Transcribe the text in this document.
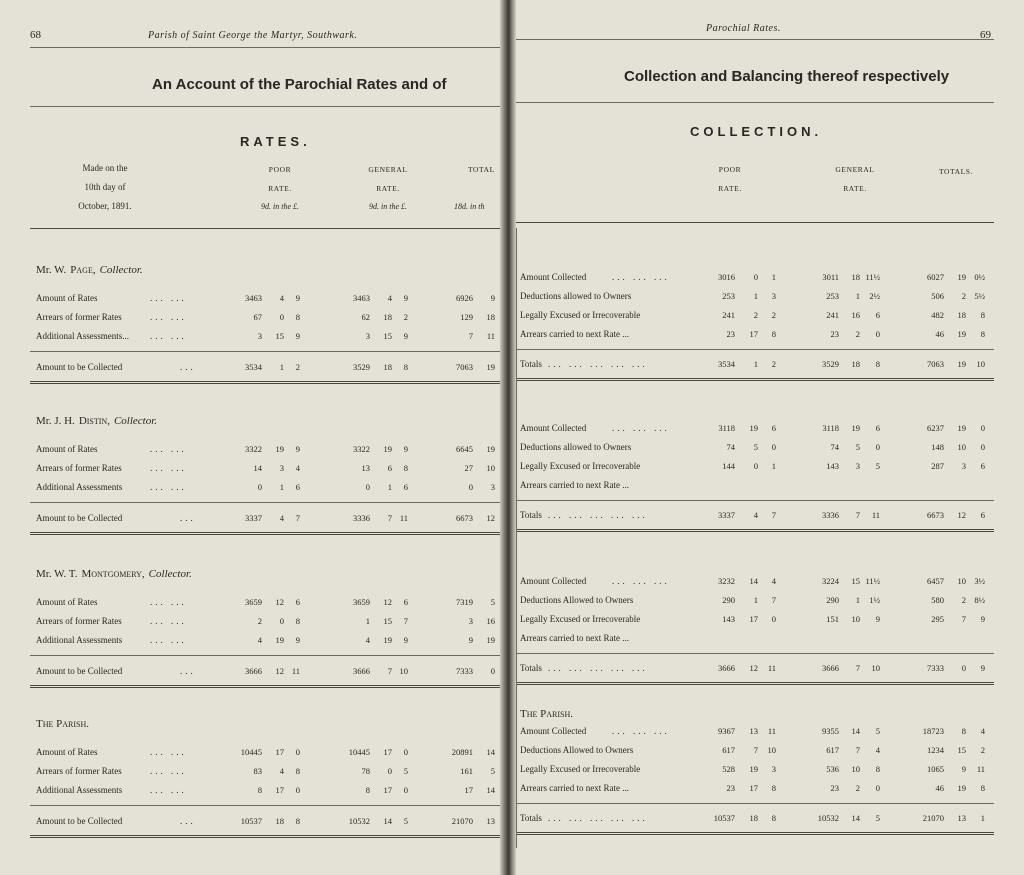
68	Parish of Saint George the Martyr, Southwark.
Parochial Rates.
69
An Account of the Parochial Rates and of	Collection and Balancing thereof respectively
RATES.
COLLECTION.
Made on the
10th day of
October, 1891.
POOR
RATE.
9d. in the £.
GENERAL
RATE.
9d. in the £.
TOTAL
18d. in th
POOR
RATE.
GENERAL
RATE.
TOTALS.
Mr. W. Page, Collector.
Amount of Rates	... ...	3463	4	9	3463	4	9	6926	9
Arrears of former Rates	... ...	67	0	8	62	18	2	129	18
Additional Assessments... ... ...	3	15	9	3	15	9	7	11
Amount to be Collected	...	3534	1	2	3529	18	8	7063	19
Amount Collected	... ... ...	3016	0	1	3011	18 11½	6027	19 0½
Deductions allowed to Owners	253	1	3	253	1	2½	506	2 5½
Legally Excused or Irrecoverable	241	2	2	241	16	6	482	18	8
Arrears carried to next Rate ...	23	17	8	23	2	0	46	19	8
Totals ... ... ... ... ...	3534	1	2	3529	18	8	7063	19	10
Mr. J. H. Distin, Collector.
Amount of Rates	... ...	3322	19	9	3322	19	9	6645	19
Arrears of former Rates	... ...	14	3	4	13	6	8	27	10
Additional Assessments	... ...	0	1	6	0	1	6	0	3
Amount to be Collected	...	3337	4	7	3336	7 11	6673	12
Amount Collected	... ... ...	3118	19	6	3118	19	6	6237	19	0
Deductions allowed to Owners	74	5	0	74	5	0	148	10	0
Legally Excused or Irrecoverable	144	0	1	143	3	5	287	3	6
Arrears carried to next Rate ...
Totals ... ... ... ... ...	3337	4	7	3336	7	11	6673	12	6
Mr. W. T. Montgomery, Collector.
Amount of Rates	... ...	3659	12	6	3659	12	6	7319	5
Arrears of former Rates	... ...	2	0	8	1	15	7	3	16
Additional Assessments	... ...	4	19	9	4	19	9	9	19
Amount to be Collected	...	3666	12 11	3666	7 10	7333	0
Amount Collected	... ... ...	3232	14	4	3224	15 11½	6457	10 3½
Deductions Allowed to Owners	290	1	7	290	1	1½	580	2 8½
Legally Excused or Irrecoverable	143	17	0	151	10	9	295	7	9
Arrears carried to next Rate ...
Totals ... ... ... ... ...	3666	12	11	3666	7	10	7333	0	9
The Parish.
The Parish.
Amount of Rates	... ...	10445	17	0	10445	17	0	20891	14
Arrears of former Rates	... ...	83	4	8	78	0	5	161	5
Additional Assessments	... ...	8	17	0	8	17	0	17	14
Amount to be Collected	...	10537	18	8	10532	14	5	21070	13
Amount Collected	... ... ...	9367	13	11	9355	14	5	18723	8	4
Deductions Allowed to Owners	617	7	10	617	7	4	1234	15	2
Legally Excused or Irrecoverable	528	19	3	536	10	8	1065	9	11
Arrears carried to next Rate ...	23	17	8	23	2	0	46	19	8
Totals ... ... ... ... ...	10537	18	8	10532	14	5	21070	13	1
